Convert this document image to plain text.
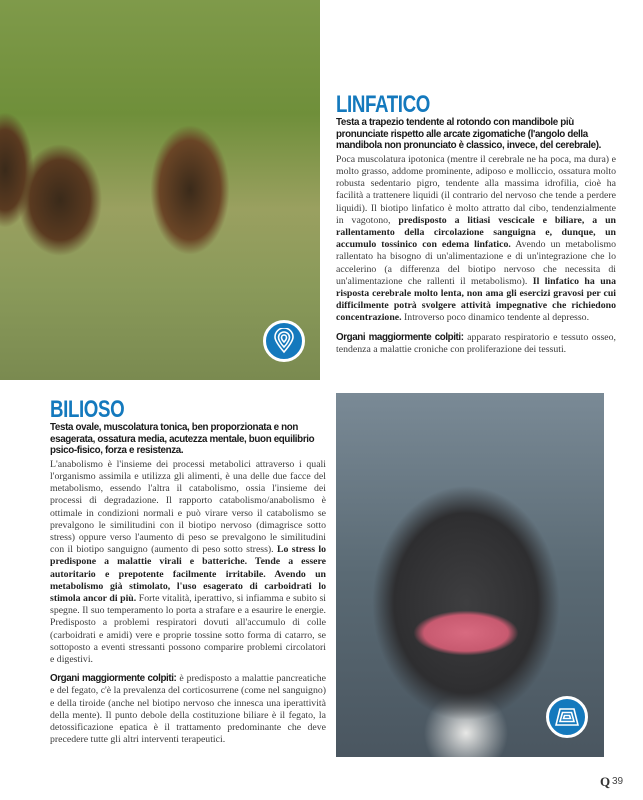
LINFATICO
Testa a trapezio tendente al rotondo con mandibole più pronunciate rispetto alle arcate zigomatiche (l'angolo della mandibola non pronunciato è classico, invece, del cerebrale).

Poca muscolatura ipotonica (mentre il cerebrale ne ha poca, ma dura) e molto grasso, addome prominente, adiposo e molliccio, ossatura molto robusta sedentario pigro, tendente alla massima idrofilia, cioè ha facilità a trattenere liquidi (il contrario del nervoso che tende a perdere liquidi). Il biotipo linfatico è molto attratto dal cibo, tendenzialmente in vagotono, predisposto a litiasi vescicale e biliare, a un rallentamento della circolazione sanguigna e, dunque, un accumulo tossinico con edema linfatico. Avendo un metabolismo rallentato ha bisogno di un'alimentazione e di un'integrazione che lo accelerino (a differenza del biotipo nervoso che necessita di un'alimentazione che rallenti il metabolismo). Il linfatico ha una risposta cerebrale molto lenta, non ama gli esercizi gravosi per cui difficilmente potrà svolgere attività impegnative che richiedono concentrazione. Introverso poco dinamico tendente al depresso.

Organi maggiormente colpiti: apparato respiratorio e tessuto osseo, tendenza a malattie croniche con proliferazione dei tessuti.

BILIOSO
Testa ovale, muscolatura tonica, ben proporzionata e non esagerata, ossatura media, acutezza mentale, buon equilibrio psico-fisico, forza e resistenza.

L'anabolismo è l'insieme dei processi metabolici attraverso i quali l'organismo assimila e utilizza gli alimenti, è una delle due facce del metabolismo, essendo l'altra il catabolismo, ossia l'insieme dei processi di degradazione. Il rapporto catabolismo/anabolismo è ottimale in condizioni normali e può virare verso il catabolismo se prevalgono le similitudini con il biotipo nervoso (dimagrisce sotto stress) oppure verso l'aumento di peso se prevalgono le similitudini con il biotipo sanguigno (aumento di peso sotto stress). Lo stress lo predispone a malattie virali e batteriche. Tende a essere autoritario e prepotente facilmente irritabile. Avendo un metabolismo già stimolato, l'uso esagerato di carboidrati lo stimola ancor di più. Forte vitalità, iperattivo, si infiamma e subito si spegne. Il suo temperamento lo porta a strafare e a esaurire le energie. Predisposto a problemi respiratori dovuti all'accumulo di colle (carboidrati e amidi) vere e proprie tossine sotto forma di catarro, se sottoposto a eventi stressanti possono comparire problemi circolatori e digestivi.

Organi maggiormente colpiti: è predisposto a malattie pancreatiche e del fegato, c'è la prevalenza del corticosurrene (come nel sanguigno) e della tiroide (anche nel biotipo nervoso che innesca una iperattività della mente). Il punto debole della costituzione biliare è il fegato, la detossificazione epatica è il trattamento predominante che deve precedere tutte gli altri interventi terapeutici.

Q 39
